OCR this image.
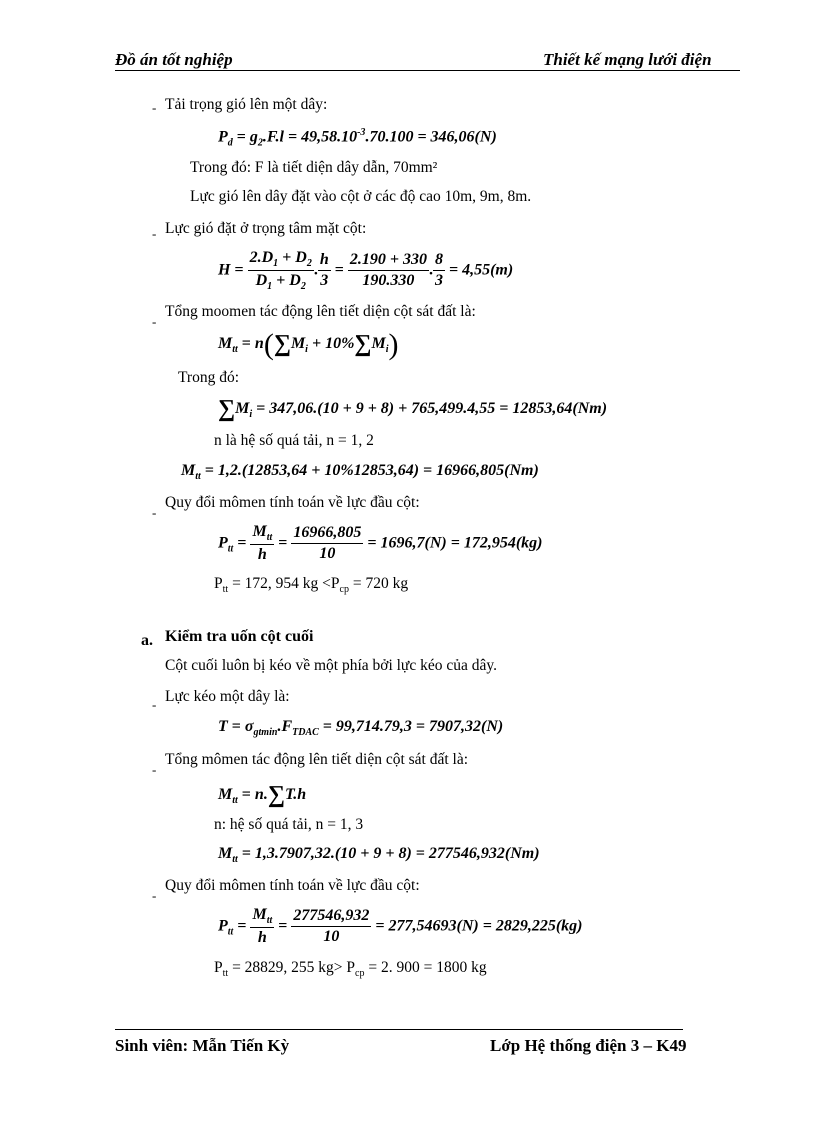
Đồ án tốt nghiệp	Thiết kế mạng lưới điện
- Tải trọng gió lên một dây:
$P_d = g_2.F.l = 49,58.10^{-3}.70.100 = 346,06(N)$
Trong đó: F là tiết diện dây dẫn, 70mm²
Lực gió lên dây đặt vào cột ở các độ cao 10m, 9m, 8m.
- Lực gió đặt ở trọng tâm mặt cột:
$H = \frac{2.D_1 + D_2}{D_1 + D_2}$ . $\frac{h}{3} = \frac{2.190 + 330}{190.330}$ . $\frac{8}{3} = 4,55(m)$
-
Tổng moomen tác động lên tiết diện cột sát đất là:
$M_{tt} = n(\sum M_i + 10\%\sum M_i)$
Trong đó:
$\sum M_i = 347,06.(10 + 9 + 8) + 765,499.4,55 = 12853,64(Nm)$
n là hệ số quá tải, n = 1, 2
$M_{tt} = 1,2.(12853,64 + 10\%12853,64) = 16966,805(Nm)$
-
Quy đổi mômen tính toán về lực đầu cột:
$P_{tt} = \frac{M_{tt}}{h} = \frac{16966,805}{10} = 1696,7(N) = 172,954(kg)$
$P_{tt} = 172$, 954 kg $<P_{cp} = 720$ kg
a. Kiểm tra uốn cột cuối
Cột cuối luôn bị kéo về một phía bởi lực kéo của dây.
- Lực kéo một dây là:
$T = \sigma_{gtmin}.F_{TDAC} = 99,714.79,3 = 7907,32(N)$
-
Tổng mômen tác động lên tiết diện cột sát đất là:
$M_{tt} = n.\sum T.h$
n: hệ số quá tải, n = 1, 3
$M_{tt} = 1,3.7907,32.(10 + 9 + 8) = 277546,932(Nm)$
-
Quy đổi mômen tính toán về lực đầu cột:
$P_{tt} = \frac{M_{tt}}{h} = \frac{277546,932}{10} = 277,54693(N) = 2829,225(kg)$
$P_{tt} = 28829$, 255 $kg> P_{cp} = 2$. 900 = 1800 kg
Sinh viên: Mẫn Tiến Kỳ	Lớp Hệ thống điện 3 – K49
